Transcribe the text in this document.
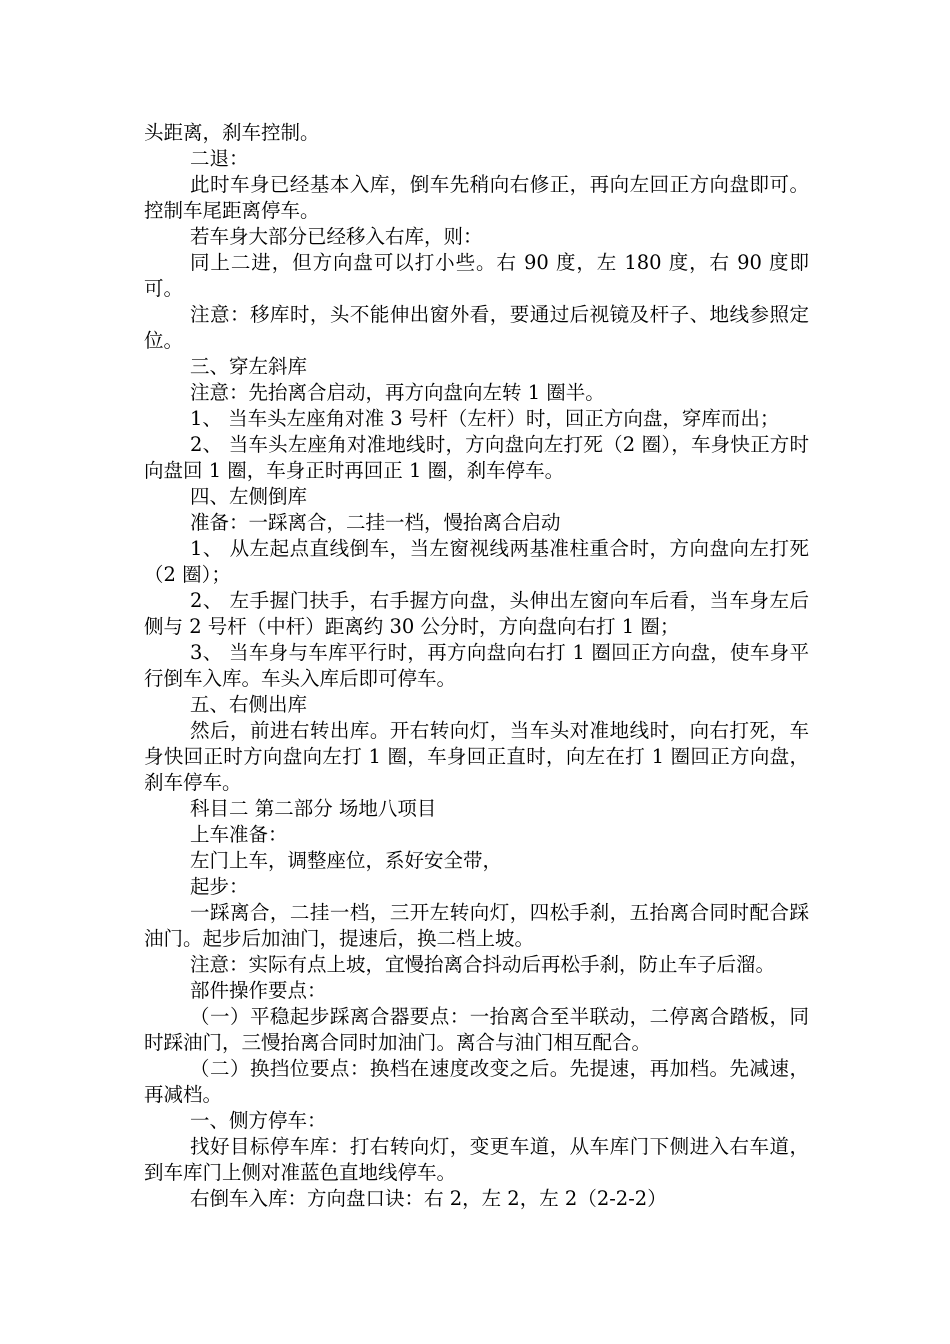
头距离，刹车控制。

二退：

此时车身已经基本入库，倒车先稍向右修正，再向左回正方向盘即可。控制车尾距离停车。

若车身大部分已经移入右库，则：

同上二进，但方向盘可以打小些。右 90 度，左 180 度，右 90 度即可。

注意：移库时，头不能伸出窗外看，要通过后视镜及杆子、地线参照定位。

三、穿左斜库

注意：先抬离合启动，再方向盘向左转 1 圈半。

1、 当车头左座角对准 3 号杆（左杆）时，回正方向盘，穿库而出；

2、 当车头左座角对准地线时，方向盘向左打死（2 圈），车身快正方时向盘回 1 圈，车身正时再回正 1 圈，刹车停车。

四、左侧倒库

准备：一踩离合，二挂一档，慢抬离合启动

1、 从左起点直线倒车，当左窗视线两基准柱重合时，方向盘向左打死（2 圈）；

2、 左手握门扶手，右手握方向盘，头伸出左窗向车后看，当车身左后侧与 2 号杆（中杆）距离约 30 公分时，方向盘向右打 1 圈；

3、 当车身与车库平行时，再方向盘向右打 1 圈回正方向盘，使车身平行倒车入库。车头入库后即可停车。

五、右侧出库

然后，前进右转出库。开右转向灯，当车头对准地线时，向右打死，车身快回正时方向盘向左打 1 圈，车身回正直时，向左在打 1 圈回正方向盘，刹车停车。

科目二 第二部分 场地八项目

上车准备：

左门上车，调整座位，系好安全带，

起步：

一踩离合，二挂一档，三开左转向灯，四松手刹，五抬离合同时配合踩油门。起步后加油门，提速后，换二档上坡。

注意：实际有点上坡，宜慢抬离合抖动后再松手刹，防止车子后溜。

部件操作要点：

（一）平稳起步踩离合器要点：一抬离合至半联动，二停离合踏板，同时踩油门，三慢抬离合同时加油门。离合与油门相互配合。

（二）换挡位要点：换档在速度改变之后。先提速，再加档。先减速，再减档。

一、侧方停车：

找好目标停车库：打右转向灯，变更车道，从车库门下侧进入右车道，到车库门上侧对准蓝色直地线停车。

右倒车入库：方向盘口诀：右 2，左 2，左 2（2-2-2）
